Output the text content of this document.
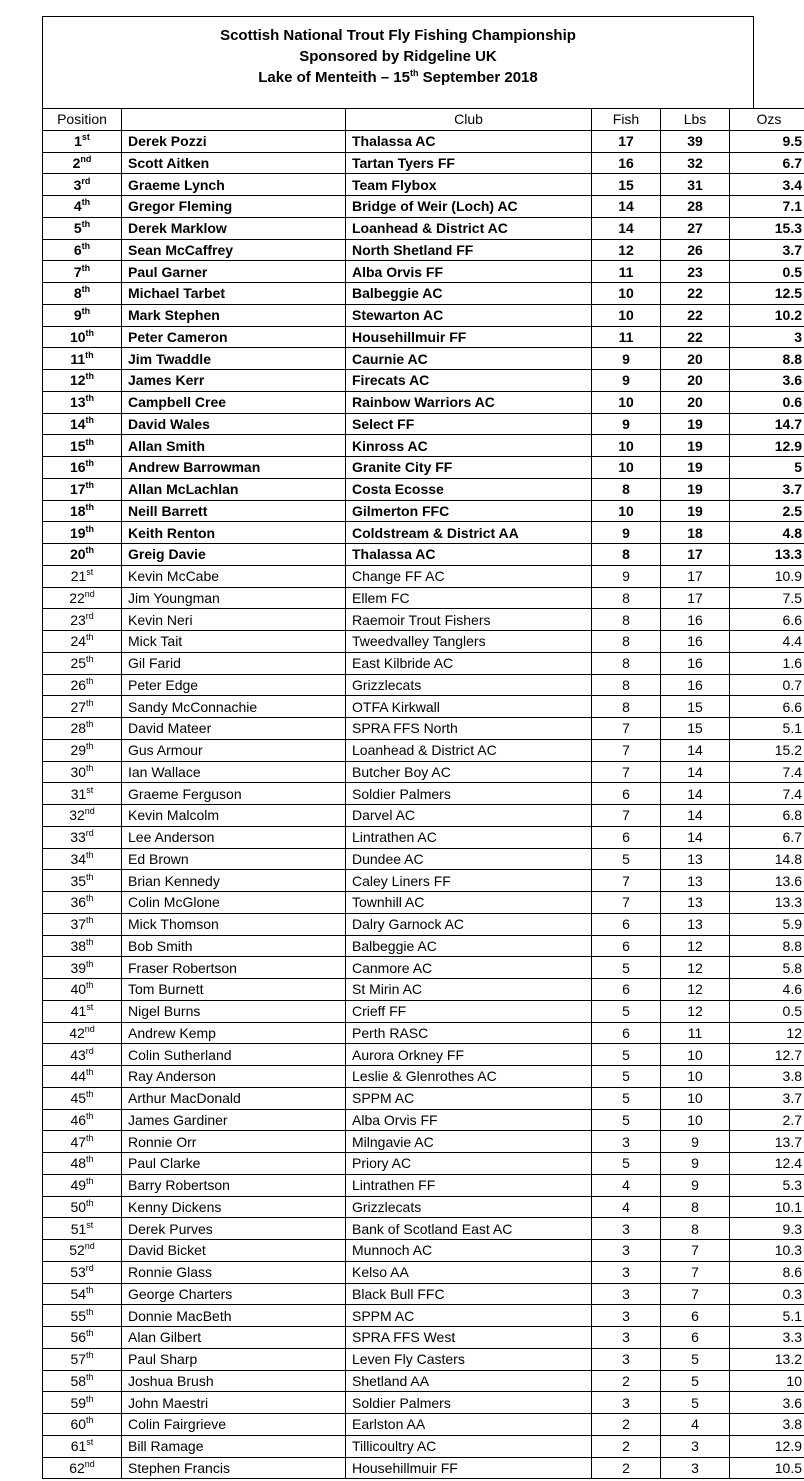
Scottish National Trout Fly Fishing Championship
Sponsored by Ridgeline UK
Lake of Menteith – 15th September 2018
Position		Club	Fish	Lbs	Ozs
1st	Derek Pozzi	Thalassa AC	17	39	9.5
2nd	Scott Aitken	Tartan Tyers FF	16	32	6.7
3rd	Graeme Lynch	Team Flybox	15	31	3.4
4th	Gregor Fleming	Bridge of Weir (Loch) AC	14	28	7.1
5th	Derek Marklow	Loanhead & District AC	14	27	15.3
6th	Sean McCaffrey	North Shetland FF	12	26	3.7
7th	Paul Garner	Alba Orvis FF	11	23	0.5
8th	Michael Tarbet	Balbeggie AC	10	22	12.5
9th	Mark Stephen	Stewarton AC	10	22	10.2
10th	Peter Cameron	Househillmuir FF	11	22	3
11th	Jim Twaddle	Caurnie AC	9	20	8.8
12th	James Kerr	Firecats AC	9	20	3.6
13th	Campbell Cree	Rainbow Warriors AC	10	20	0.6
14th	David Wales	Select FF	9	19	14.7
15th	Allan Smith	Kinross AC	10	19	12.9
16th	Andrew Barrowman	Granite City FF	10	19	5
17th	Allan McLachlan	Costa Ecosse	8	19	3.7
18th	Neill Barrett	Gilmerton FFC	10	19	2.5
19th	Keith Renton	Coldstream & District AA	9	18	4.8
20th	Greig Davie	Thalassa AC	8	17	13.3
21st	Kevin McCabe	Change FF AC	9	17	10.9
22nd	Jim Youngman	Ellem FC	8	17	7.5
23rd	Kevin Neri	Raemoir Trout Fishers	8	16	6.6
24th	Mick Tait	Tweedvalley Tanglers	8	16	4.4
25th	Gil Farid	East Kilbride AC	8	16	1.6
26th	Peter Edge	Grizzlecats	8	16	0.7
27th	Sandy McConnachie	OTFA Kirkwall	8	15	6.6
28th	David Mateer	SPRA FFS North	7	15	5.1
29th	Gus Armour	Loanhead & District AC	7	14	15.2
30th	Ian Wallace	Butcher Boy AC	7	14	7.4
31st	Graeme Ferguson	Soldier Palmers	6	14	7.4
32nd	Kevin Malcolm	Darvel AC	7	14	6.8
33rd	Lee Anderson	Lintrathen AC	6	14	6.7
34th	Ed Brown	Dundee AC	5	13	14.8
35th	Brian Kennedy	Caley Liners FF	7	13	13.6
36th	Colin McGlone	Townhill AC	7	13	13.3
37th	Mick Thomson	Dalry Garnock AC	6	13	5.9
38th	Bob Smith	Balbeggie AC	6	12	8.8
39th	Fraser Robertson	Canmore AC	5	12	5.8
40th	Tom Burnett	St Mirin AC	6	12	4.6
41st	Nigel Burns	Crieff FF	5	12	0.5
42nd	Andrew Kemp	Perth RASC	6	11	12
43rd	Colin Sutherland	Aurora Orkney FF	5	10	12.7
44th	Ray Anderson	Leslie & Glenrothes AC	5	10	3.8
45th	Arthur MacDonald	SPPM AC	5	10	3.7
46th	James Gardiner	Alba Orvis FF	5	10	2.7
47th	Ronnie Orr	Milngavie AC	3	9	13.7
48th	Paul Clarke	Priory AC	5	9	12.4
49th	Barry Robertson	Lintrathen FF	4	9	5.3
50th	Kenny Dickens	Grizzlecats	4	8	10.1
51st	Derek Purves	Bank of Scotland East AC	3	8	9.3
52nd	David Bicket	Munnoch AC	3	7	10.3
53rd	Ronnie Glass	Kelso AA	3	7	8.6
54th	George Charters	Black Bull FFC	3	7	0.3
55th	Donnie MacBeth	SPPM AC	3	6	5.1
56th	Alan Gilbert	SPRA FFS West	3	6	3.3
57th	Paul Sharp	Leven Fly Casters	3	5	13.2
58th	Joshua Brush	Shetland AA	2	5	10
59th	John Maestri	Soldier Palmers	3	5	3.6
60th	Colin Fairgrieve	Earlston AA	2	4	3.8
61st	Bill Ramage	Tillicoultry AC	2	3	12.9
62nd	Stephen Francis	Househillmuir FF	2	3	10.5
